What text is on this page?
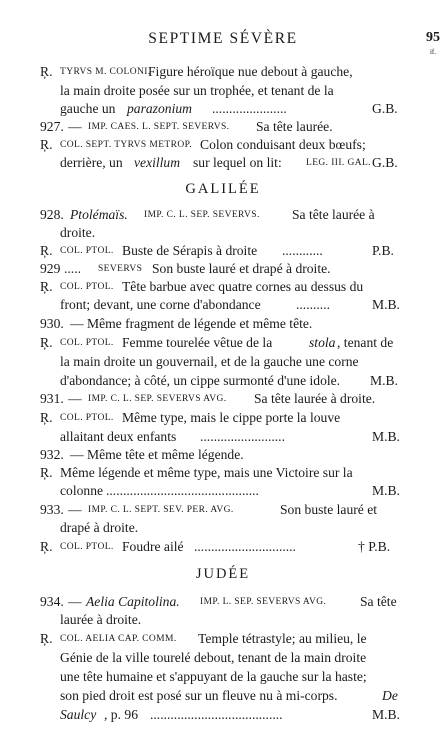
SEPTIME SÉVÈRE	95
if.
Ŗ. TYRVS M. COLONI.
Figure héroïque nue debout à gauche,
la main droite posée sur un trophée, et tenant de la
gauche un parazonium ......................	G.B.
927. — IMP. CAES. L. SEPT. SEVERVS. Sa tête laurée.
Ŗ. COL. SEPT. TYRVS METROP. Colon conduisant deux bœufs;
derrière, un vexillum sur lequel on lit:	LEG. III. GAL. G.B.
GALILÉE
928. Ptolémaïs. IMP. C. L. SEP. SEVERVS. Sa tête laurée à
droite.
Ŗ. COL. PTOL. Buste de Sérapis à droite ............	P.B.
929 .....	SEVERVS Son buste lauré et drapé à droite.
Ŗ. COL. PTOL. Tête barbue avec quatre cornes au dessus du
front; devant, une corne d'abondance	..........	M.B.
930. — Même fragment de légende et même tête.
Ŗ. COL. PTOL. Femme tourelée vêtue de la	stola , tenant de
la main droite un gouvernail, et de la gauche une corne
d'abondance; à côté, un cippe surmonté d'une idole. M.B.
931. — IMP. C. L. SEP. SEVERVS AVG. Sa tête laurée à droite.
Ŗ. COL. PTOL. Même type, mais le cippe porte la louve
allaitant deux enfants .........................	M.B.
932. — Même tête et même légende.
Ŗ. Même légende et même type, mais une Victoire sur la
colonne .............................................	M.B.
933. — IMP. C. L. SEPT. SEV. PER. AVG.	Son buste lauré et
drapé à droite.
Ŗ. COL. PTOL. Foudre ailé ..............................	† P.B.
JUDÉE
934. — Aelia Capitolina. IMP. L. SEP. SEVERVS AVG. Sa tête
laurée à droite.
Ŗ. COL. AELIA CAP. COMM. Temple tétrastyle; au milieu, le
Génie de la ville tourelé debout, tenant de la main droite
une tête humaine et s'appuyant de la gauche sur la haste;
son pied droit est posé sur un fleuve nu à mi-corps.	De
Saulcy , p. 96 .......................................	M.B.
